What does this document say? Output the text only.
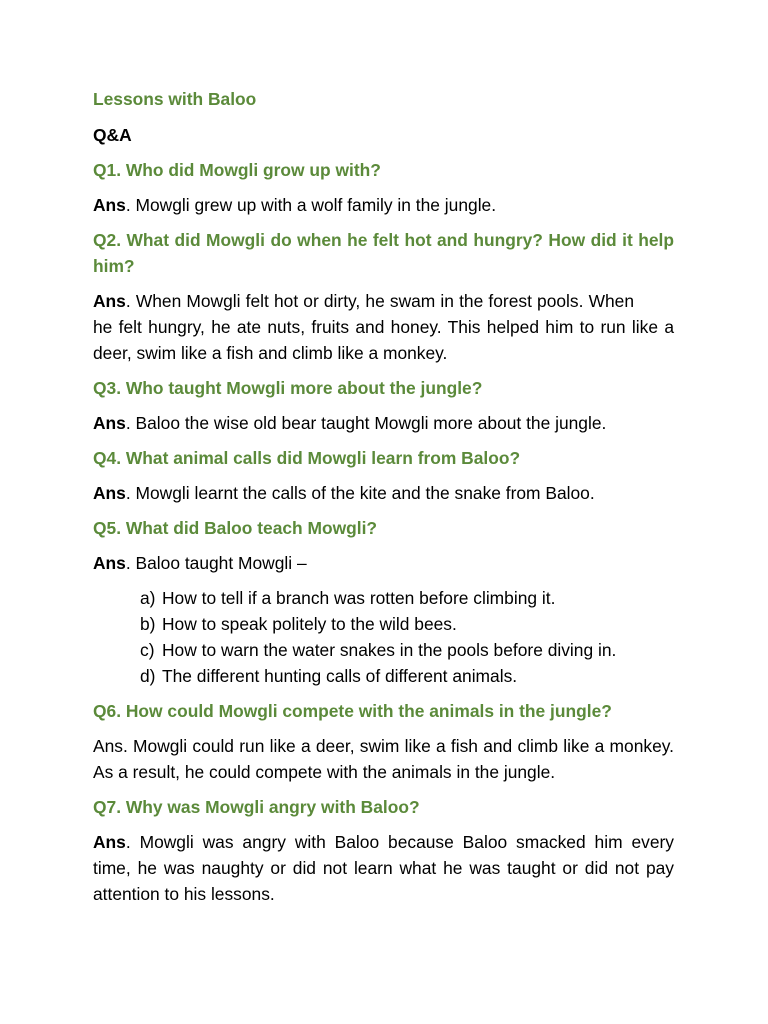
Lessons with Baloo

Q&A

Q1. Who did Mowgli grow up with?

Ans. Mowgli grew up with a wolf family in the jungle.

Q2. What did Mowgli do when he felt hot and hungry? How did it help him?

Ans. When Mowgli felt hot or dirty, he swam in the forest pools. Whenhe felt hungry, he ate nuts, fruits and honey. This helped him to run like a deer, swim like a fish and climb like a monkey.

Q3. Who taught Mowgli more about the jungle?

Ans. Baloo the wise old bear taught Mowgli more about the jungle.

Q4. What animal calls did Mowgli learn from Baloo?

Ans. Mowgli learnt the calls of the kite and the snake from Baloo.

Q5. What did Baloo teach Mowgli?

Ans. Baloo taught Mowgli –

a) How to tell if a branch was rotten before climbing it.
b) How to speak politely to the wild bees.
c) How to warn the water snakes in the pools before diving in.
d) The different hunting calls of different animals.

Q6. How could Mowgli compete with the animals in the jungle?

Ans. Mowgli could run like a deer, swim like a fish and climb like a monkey. As a result, he could compete with the animals in the jungle.

Q7. Why was Mowgli angry with Baloo?

Ans. Mowgli was angry with Baloo because Baloo smacked him every time, he was naughty or did not learn what he was taught or did not pay attention to his lessons.
